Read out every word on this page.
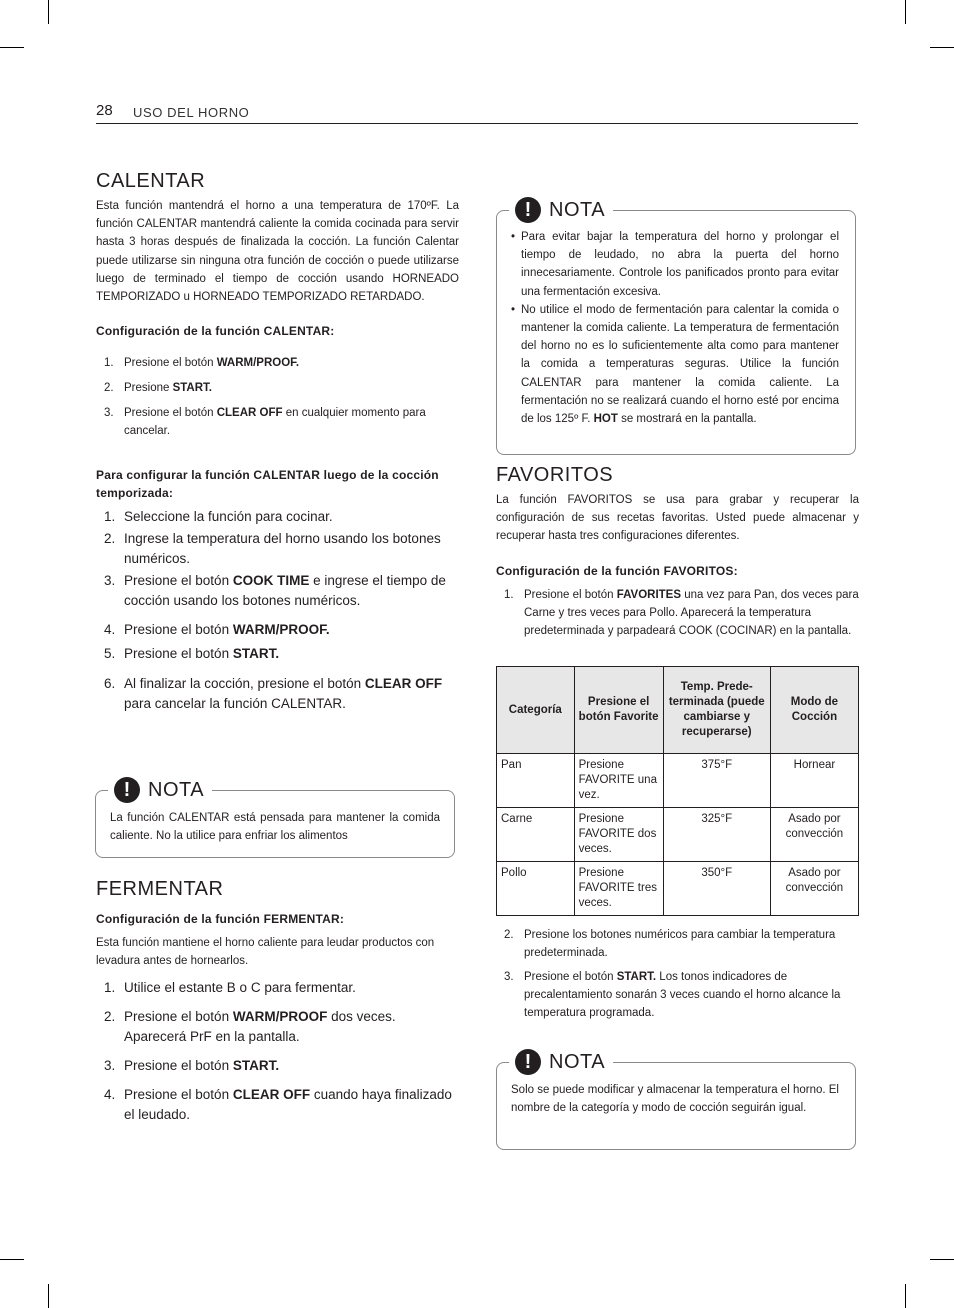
28 USO DEL HORNO
CALENTAR

Esta función mantendrá el horno a una temperatura de 170ºF. La función CALENTAR mantendrá caliente la comida cocinada para servir hasta 3 horas después de finalizada la cocción. La función Calentar puede utilizarse sin ninguna otra función de cocción o puede utilizarse luego de terminado el tiempo de cocción usando HORNEADO TEMPORIZADO u HORNEADO TEMPORIZADO RETARDADO.

Configuración de la función CALENTAR:

1. Presione el botón WARM/PROOF.
2. Presione START.
3. Presione el botón CLEAR OFF en cualquier momento para cancelar.

Para configurar la función CALENTAR luego de la cocción temporizada:

1. Seleccione la función para cocinar.
2. Ingrese la temperatura del horno usando los botones numéricos.
3. Presione el botón COOK TIME e ingrese el tiempo de cocción usando los botones numéricos.
4. Presione el botón WARM/PROOF.
5. Presione el botón START.
6. Al finalizar la cocción, presione el botón CLEAR OFF para cancelar la función CALENTAR.
! NOTA

La función CALENTAR está pensada para mantener la comida caliente. No la utilice para enfriar los alimentos

FERMENTAR

Configuración de la función FERMENTAR:

Esta función mantiene el horno caliente para leudar productos con levadura antes de hornearlos.

1. Utilice el estante B o C para fermentar.
2. Presione el botón WARM/PROOF dos veces. Aparecerá PrF en la pantalla.
3. Presione el botón START.
4. Presione el botón CLEAR OFF cuando haya finalizado el leudado.
! NOTA
• Para evitar bajar la temperatura del horno y prolongar el tiempo de leudado, no abra la puerta del horno innecesariamente. Controle los panificados pronto para evitar una fermentación excesiva.
• No utilice el modo de fermentación para calentar la comida o mantener la comida caliente. La temperatura de fermentación del horno no es lo suficientemente alta como para mantener la comida a temperaturas seguras. Utilice la función CALENTAR para mantener la comida caliente. La fermentación no se realizará cuando el horno esté por encima de los 125º F. HOT se mostrará en la pantalla.
FAVORITOS

La función FAVORITOS se usa para grabar y recuperar la configuración de sus recetas favoritas. Usted puede almacenar y recuperar hasta tres configuraciones diferentes.

Configuración de la función FAVORITOS:

1. Presione el botón FAVORITES una vez para Pan, dos veces para Carne y tres veces para Pollo. Aparecerá la temperatura predeterminada y parpadeará COOK (COCINAR) en la pantalla.
Categoría	Presione el botón Favorite	Temp. Prede-terminada (puede cambiarse y recuperarse)	Modo de Cocción
Pan	Presione FAVORITE una vez.	375°F	Hornear
Carne	Presione FAVORITE dos veces.	325°F	Asado por convección
Pollo	Presione FAVORITE tres veces.	350°F	Asado por convección
2. Presione los botones numéricos para cambiar la temperatura predeterminada.
3. Presione el botón START. Los tonos indicadores de precalentamiento sonarán 3 veces cuando el horno alcance la temperatura programada.
! NOTA

Solo se puede modificar y almacenar la temperatura el horno. El nombre de la categoría y modo de cocción seguirán igual.
